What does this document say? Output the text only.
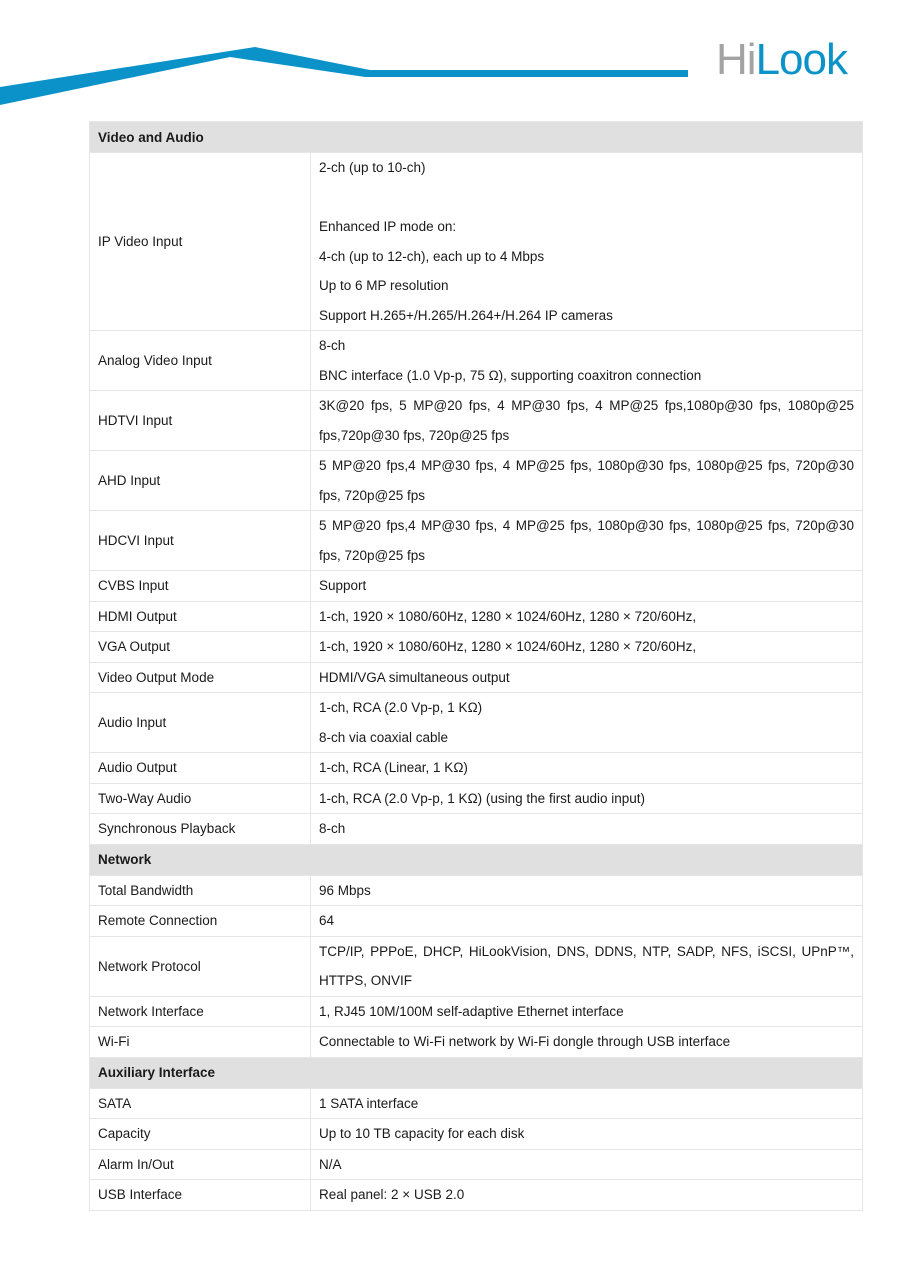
Hi Look
Video and Audio	
IP Video Input	2-ch (up to 10-ch)
Enhanced IP mode on:
4-ch (up to 12-ch), each up to 4 Mbps
Up to 6 MP resolution
Support H.265+/H.265/H.264+/H.264 IP cameras

Analog Video Input	8-ch
BNC interface (1.0 Vp-p, 75 Ω), supporting coaxitron connection

HDTVI Input	3K@20 fps, 5 MP@20 fps, 4 MP@30 fps, 4 MP@25 fps,1080p@30 fps, 1080p@25 fps,720p@30 fps, 720p@25 fps
AHD Input	5 MP@20 fps,4 MP@30 fps, 4 MP@25 fps, 1080p@30 fps, 1080p@25 fps, 720p@30 fps, 720p@25 fps
HDCVI Input	5 MP@20 fps,4 MP@30 fps, 4 MP@25 fps, 1080p@30 fps, 1080p@25 fps, 720p@30 fps, 720p@25 fps
CVBS Input	Support

HDMI Output	1-ch, 1920 × 1080/60Hz, 1280 × 1024/60Hz, 1280 × 720/60Hz,

VGA Output	1-ch, 1920 × 1080/60Hz, 1280 × 1024/60Hz, 1280 × 720/60Hz,

Video Output Mode	HDMI/VGA simultaneous output

Audio Input	1-ch, RCA (2.0 Vp-p, 1 KΩ)
8-ch via coaxial cable

Audio Output	1-ch, RCA (Linear, 1 KΩ)

Two-Way Audio	1-ch, RCA (2.0 Vp-p, 1 KΩ) (using the first audio input)

Synchronous Playback	8-ch

Network	
Total Bandwidth	96 Mbps

Remote Connection	64

Network Protocol	TCP/IP, PPPoE, DHCP, HiLookVision, DNS, DDNS, NTP, SADP, NFS, iSCSI, UPnP™, HTTPS, ONVIF
Network Interface	1, RJ45 10M/100M self-adaptive Ethernet interface

Wi-Fi	Connectable to Wi-Fi network by Wi-Fi dongle through USB interface

Auxiliary Interface	
SATA	1 SATA interface

Capacity	Up to 10 TB capacity for each disk

Alarm In/Out	N/A

USB Interface	Real panel: 2 × USB 2.0
